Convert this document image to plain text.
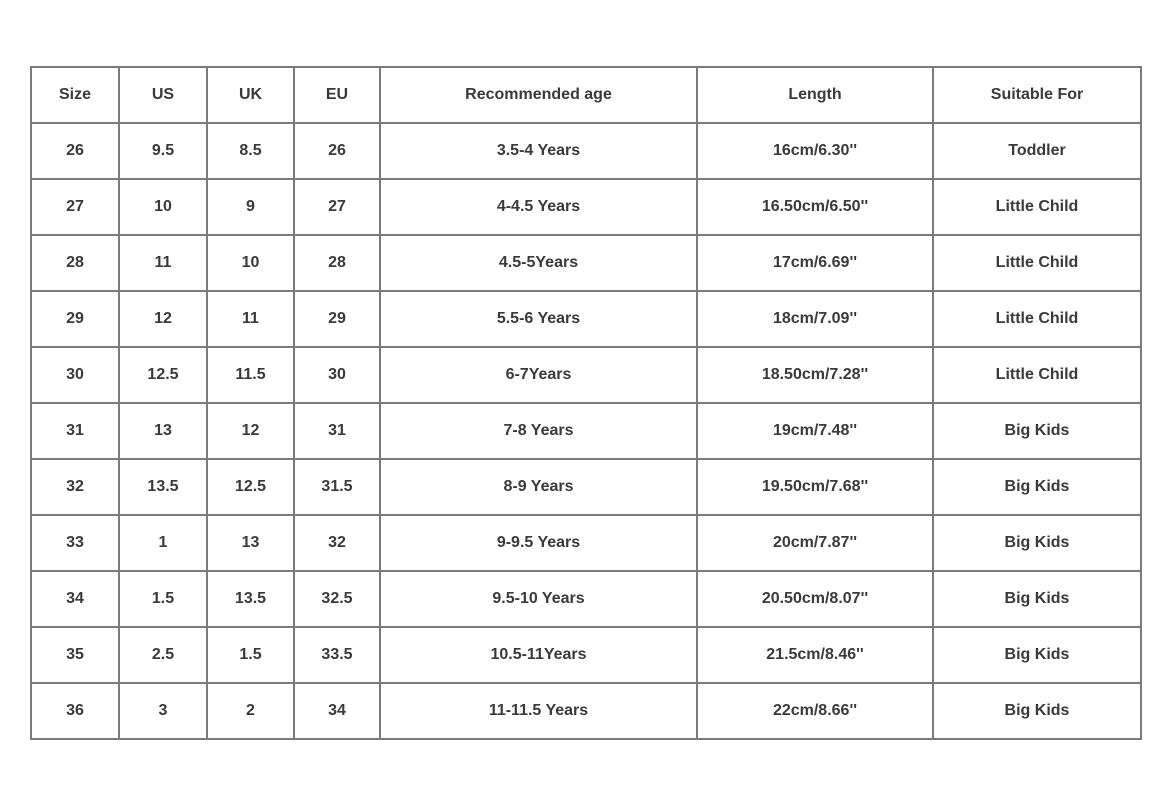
Size	US	UK	EU	Recommended age	Length	Suitable For
26	9.5	8.5	26	3.5-4 Years	16cm/6.30''	Toddler
27	10	9	27	4-4.5 Years	16.50cm/6.50''	Little Child
28	11	10	28	4.5-5Years	17cm/6.69''	Little Child
29	12	11	29	5.5-6 Years	18cm/7.09''	Little Child
30	12.5	11.5	30	6-7Years	18.50cm/7.28''	Little Child
31	13	12	31	7-8 Years	19cm/7.48''	Big Kids
32	13.5	12.5	31.5	8-9 Years	19.50cm/7.68''	Big Kids
33	1	13	32	9-9.5 Years	20cm/7.87''	Big Kids
34	1.5	13.5	32.5	9.5-10 Years	20.50cm/8.07''	Big Kids
35	2.5	1.5	33.5	10.5-11Years	21.5cm/8.46''	Big Kids
36	3	2	34	11-11.5 Years	22cm/8.66''	Big Kids
